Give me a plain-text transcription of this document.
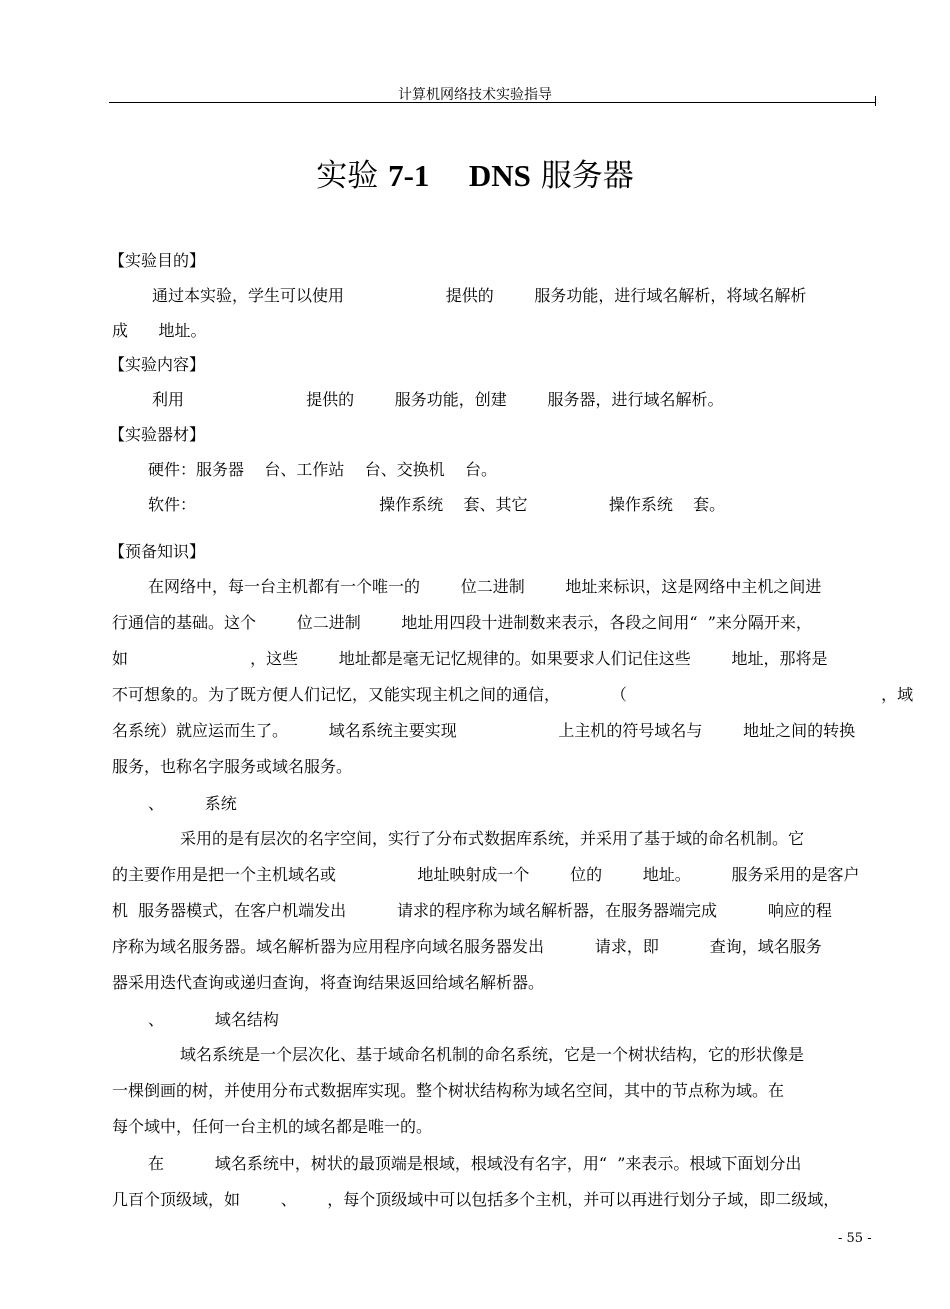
计算机网络技术实验指导
实验 7-1 DNS 服务器
【实验目的】
通过本实验，学生可以使用                    提供的        服务功能，进行域名解析，将域名解析
成      地址。
【实验内容】
利用                        提供的        服务功能，创建        服务器，进行域名解析。
【实验器材】
硬件：服务器    台、工作站    台、交换机    台。
软件：                                    操作系统    套、其它                操作系统    套。
【预备知识】
在网络中，每一台主机都有一个唯一的        位二进制        地址来标识，这是网络中主机之间进
行通信的基础。这个        位二进制        地址用四段十进制数来表示，各段之间用“  ”来分隔开来，
如                        ，这些        地址都是毫无记忆规律的。如果要求人们记住这些        地址，那将是
不可想象的。为了既方便人们记忆，又能实现主机之间的通信，          （                                                  ，域
名系统）就应运而生了。        域名系统主要实现                    上主机的符号域名与        地址之间的转换
服务，也称名字服务或域名服务。
、        系统
采用的是有层次的名字空间，实行了分布式数据库系统，并采用了基于域的命名机制。它
的主要作用是把一个主机域名或                地址映射成一个        位的        地址。        服务采用的是客户
机  服务器模式，在客户机端发出          请求的程序称为域名解析器，在服务器端完成          响应的程
序称为域名服务器。域名解析器为应用程序向域名服务器发出          请求，即          查询，域名服务
器采用迭代查询或递归查询，将查询结果返回给域名解析器。
、          域名结构
域名系统是一个层次化、基于域命名机制的命名系统，它是一个树状结构，它的形状像是
一棵倒画的树，并使用分布式数据库实现。整个树状结构称为域名空间，其中的节点称为域。在
每个域中，任何一台主机的域名都是唯一的。
在          域名系统中，树状的最顶端是根域，根域没有名字，用“  ”来表示。根域下面划分出
几百个顶级域，如        、      ，每个顶级域中可以包括多个主机，并可以再进行划分子域，即二级域，
- 55 -
